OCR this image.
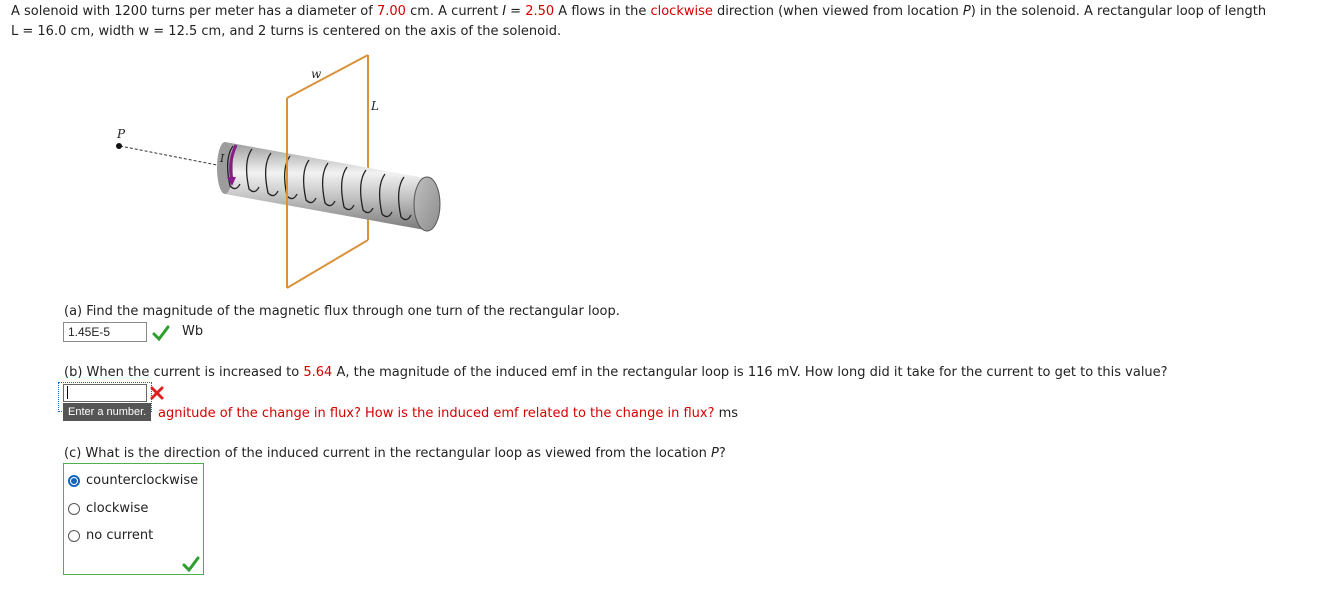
A solenoid with 1200 turns per meter has a diameter of 7.00 cm. A current I = 2.50 A flows in the clockwise direction (when viewed from location P) in the solenoid. A rectangular loop of length
L = 16.0 cm, width w = 12.5 cm, and 2 turns is centered on the axis of the solenoid.
w
L
P
I
(a) Find the magnitude of the magnetic flux through one turn of the rectangular loop.
1.45E-5	Wb
(b) When the current is increased to 5.64 A, the magnitude of the induced emf in the rectangular loop is 116 mV. How long did it take for the current to get to this value?
Enter a number. agnitude of the change in flux? How is the induced emf related to the change in flux? ms
(c) What is the direction of the induced current in the rectangular loop as viewed from the location P?
counterclockwise
clockwise
no current
